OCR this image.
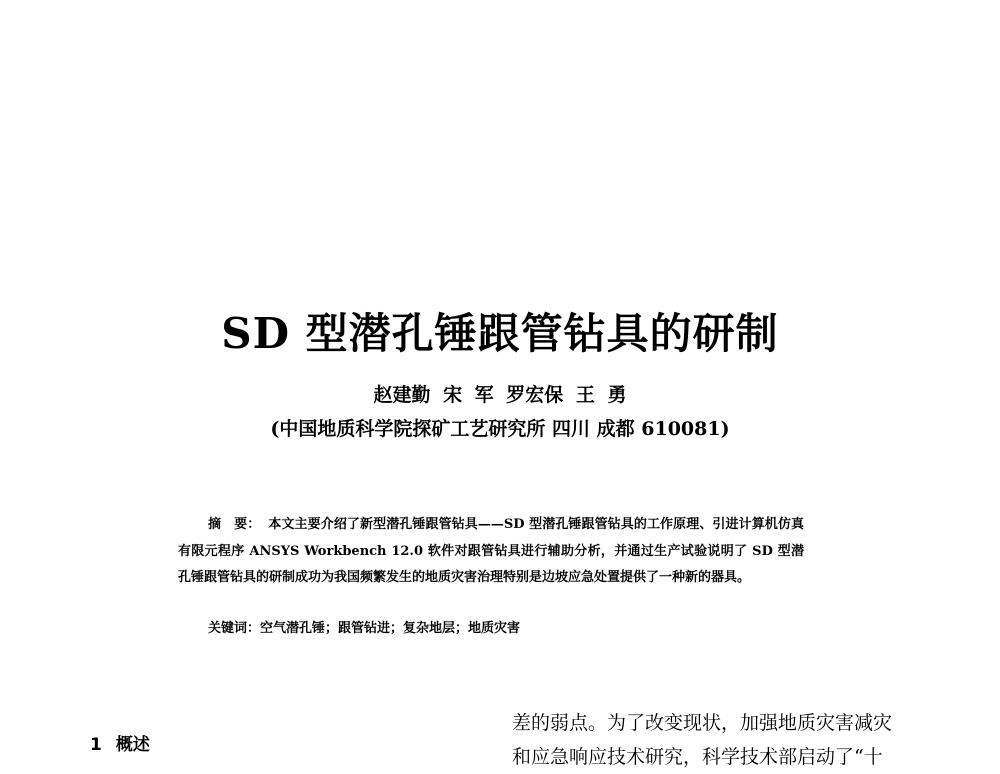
SD 型潜孔锤跟管钻具的研制
赵建勤 宋 军 罗宏保 王 勇
(中国地质科学院探矿工艺研究所 四川 成都 610081)
摘　要： 本文主要介绍了新型潜孔锤跟管钻具——SD 型潜孔锤跟管钻具的工作原理、引进计算机仿真有限元程序 ANSYS Workbench 12.0 软件对跟管钻具进行辅助分析，并通过生产试验说明了 SD 型潜孔锤跟管钻具的研制成功为我国频繁发生的地质灾害治理特别是边坡应急处置提供了一种新的器具。
关键词：空气潜孔锤；跟管钻进；复杂地层；地质灾害
1 概述
差的弱点。为了改变现状，加强地质灾害减灾
和应急响应技术研究，科学技术部启动了“十
